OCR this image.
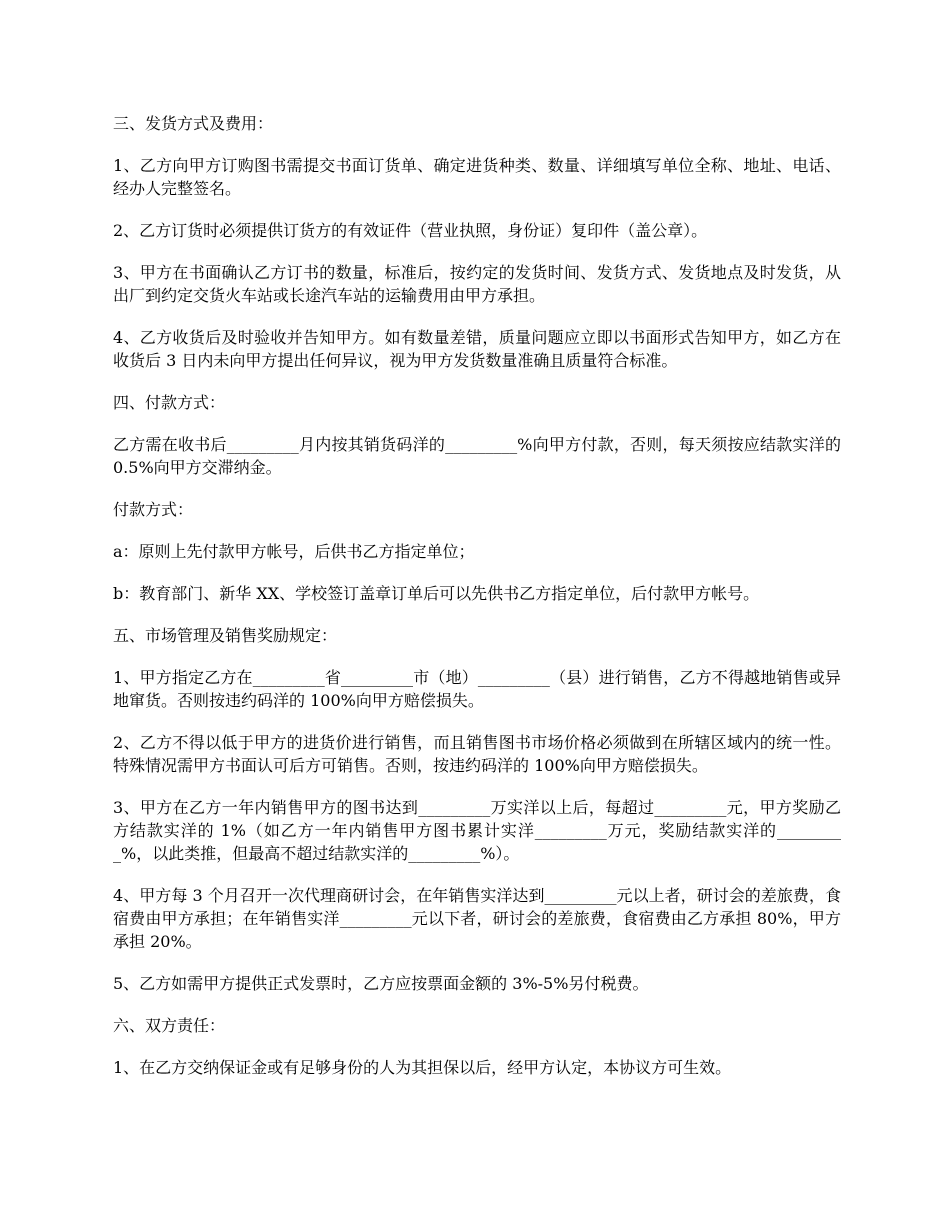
三、发货方式及费用：

1、乙方向甲方订购图书需提交书面订货单、确定进货种类、数量、详细填写单位全称、地址、电话、经办人完整签名。

2、乙方订货时必须提供订货方的有效证件（营业执照，身份证）复印件（盖公章）。

3、甲方在书面确认乙方订书的数量，标准后，按约定的发货时间、发货方式、发货地点及时发货，从出厂到约定交货火车站或长途汽车站的运输费用由甲方承担。

4、乙方收货后及时验收并告知甲方。如有数量差错，质量问题应立即以书面形式告知甲方，如乙方在收货后 3 日内未向甲方提出任何异议，视为甲方发货数量准确且质量符合标准。

四、付款方式：

乙方需在收书后_________月内按其销货码洋的_________%向甲方付款，否则，每天须按应结款实洋的 0.5%向甲方交滞纳金。

付款方式：

a：原则上先付款甲方帐号，后供书乙方指定单位；

b：教育部门、新华 XX、学校签订盖章订单后可以先供书乙方指定单位，后付款甲方帐号。

五、市场管理及销售奖励规定：

1、甲方指定乙方在_________省_________市（地）_________（县）进行销售，乙方不得越地销售或异地窜货。否则按违约码洋的 100%向甲方赔偿损失。

2、乙方不得以低于甲方的进货价进行销售，而且销售图书市场价格必须做到在所辖区域内的统一性。特殊情况需甲方书面认可后方可销售。否则，按违约码洋的 100%向甲方赔偿损失。

3、甲方在乙方一年内销售甲方的图书达到_________万实洋以上后，每超过_________元，甲方奖励乙方结款实洋的 1%（如乙方一年内销售甲方图书累计实洋_________万元，奖励结款实洋的_________%，以此类推，但最高不超过结款实洋的_________%）。

4、甲方每 3 个月召开一次代理商研讨会，在年销售实洋达到_________元以上者，研讨会的差旅费，食宿费由甲方承担；在年销售实洋_________元以下者，研讨会的差旅费，食宿费由乙方承担 80%，甲方承担 20%。

5、乙方如需甲方提供正式发票时，乙方应按票面金额的 3%-5%另付税费。

六、双方责任：

1、在乙方交纳保证金或有足够身份的人为其担保以后，经甲方认定，本协议方可生效。
